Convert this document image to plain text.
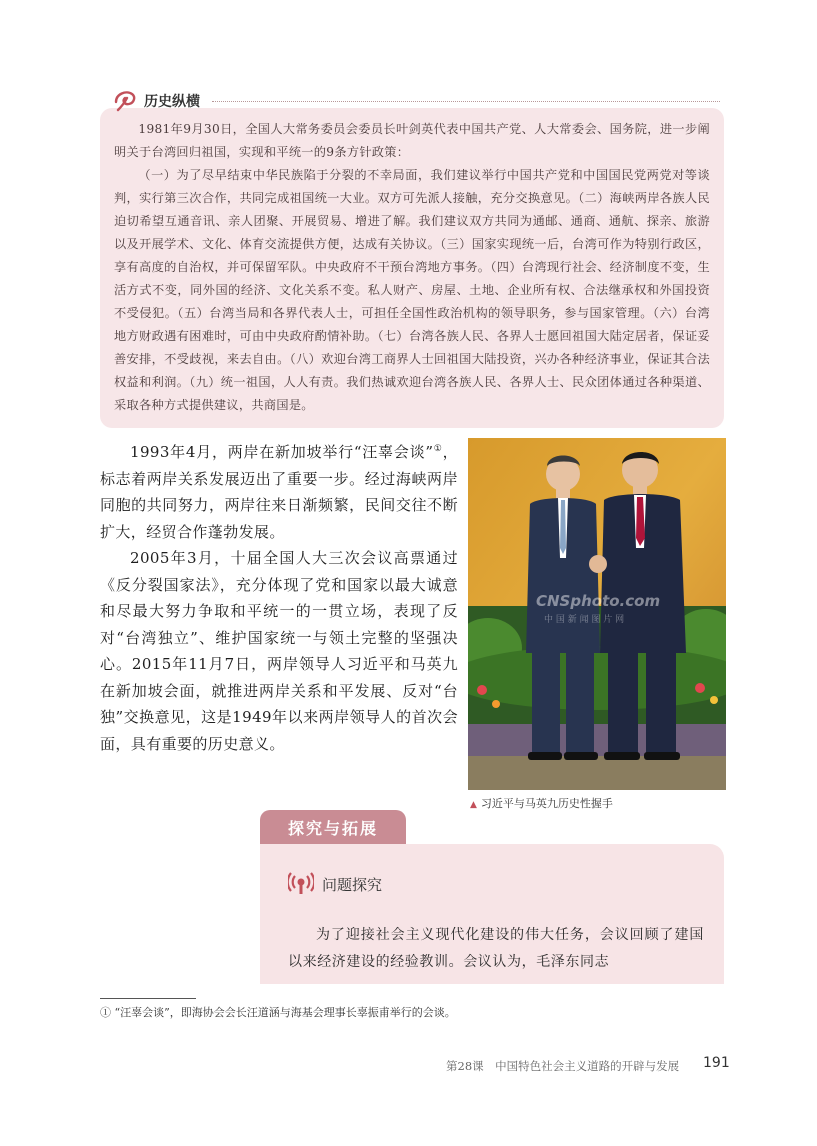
1981年9月30日，全国人大常务委员会委员长叶剑英代表中国共产党、人大常委会、国务院，进一步阐明关于台湾回归祖国，实现和平统一的9条方针政策：

（一）为了尽早结束中华民族陷于分裂的不幸局面，我们建议举行中国共产党和中国国民党两党对等谈判，实行第三次合作，共同完成祖国统一大业。双方可先派人接触，充分交换意见。（二）海峡两岸各族人民迫切希望互通音讯、亲人团聚、开展贸易、增进了解。我们建议双方共同为通邮、通商、通航、探亲、旅游以及开展学术、文化、体育交流提供方便，达成有关协议。（三）国家实现统一后，台湾可作为特别行政区，享有高度的自治权，并可保留军队。中央政府不干预台湾地方事务。（四）台湾现行社会、经济制度不变，生活方式不变，同外国的经济、文化关系不变。私人财产、房屋、土地、企业所有权、合法继承权和外国投资不受侵犯。（五）台湾当局和各界代表人士，可担任全国性政治机构的领导职务，参与国家管理。（六）台湾地方财政遇有困难时，可由中央政府酌情补助。（七）台湾各族人民、各界人士愿回祖国大陆定居者，保证妥善安排，不受歧视，来去自由。（八）欢迎台湾工商界人士回祖国大陆投资，兴办各种经济事业，保证其合法权益和利润。（九）统一祖国，人人有责。我们热诚欢迎台湾各族人民、各界人士、民众团体通过各种渠道、采取各种方式提供建议，共商国是。

历史纵横

1993年4月，两岸在新加坡举行“汪辜会谈”①，标志着两岸关系发展迈出了重要一步。经过海峡两岸同胞的共同努力，两岸往来日渐频繁，民间交往不断扩大，经贸合作蓬勃发展。

2005年3月，十届全国人大三次会议高票通过《反分裂国家法》，充分体现了党和国家以最大诚意和尽最大努力争取和平统一的一贯立场，表现了反对“台湾独立”、维护国家统一与领土完整的坚强决心。2015年11月7日，两岸领导人习近平和马英九在新加坡会面，就推进两岸关系和平发展、反对“台独”交换意见，这是1949年以来两岸领导人的首次会面，具有重要的历史意义。

CNSphoto.com
中 国 新 闻 图 片 网
▲ 习近平与马英九历史性握手
探究与拓展
问题探究

为了迎接社会主义现代化建设的伟大任务，会议回顾了建国以来经济建设的经验教训。会议认为，毛泽东同志

① “汪辜会谈”，即海协会会长汪道涵与海基会理事长辜振甫举行的会谈。
第28课　中国特色社会主义道路的开辟与发展 191
